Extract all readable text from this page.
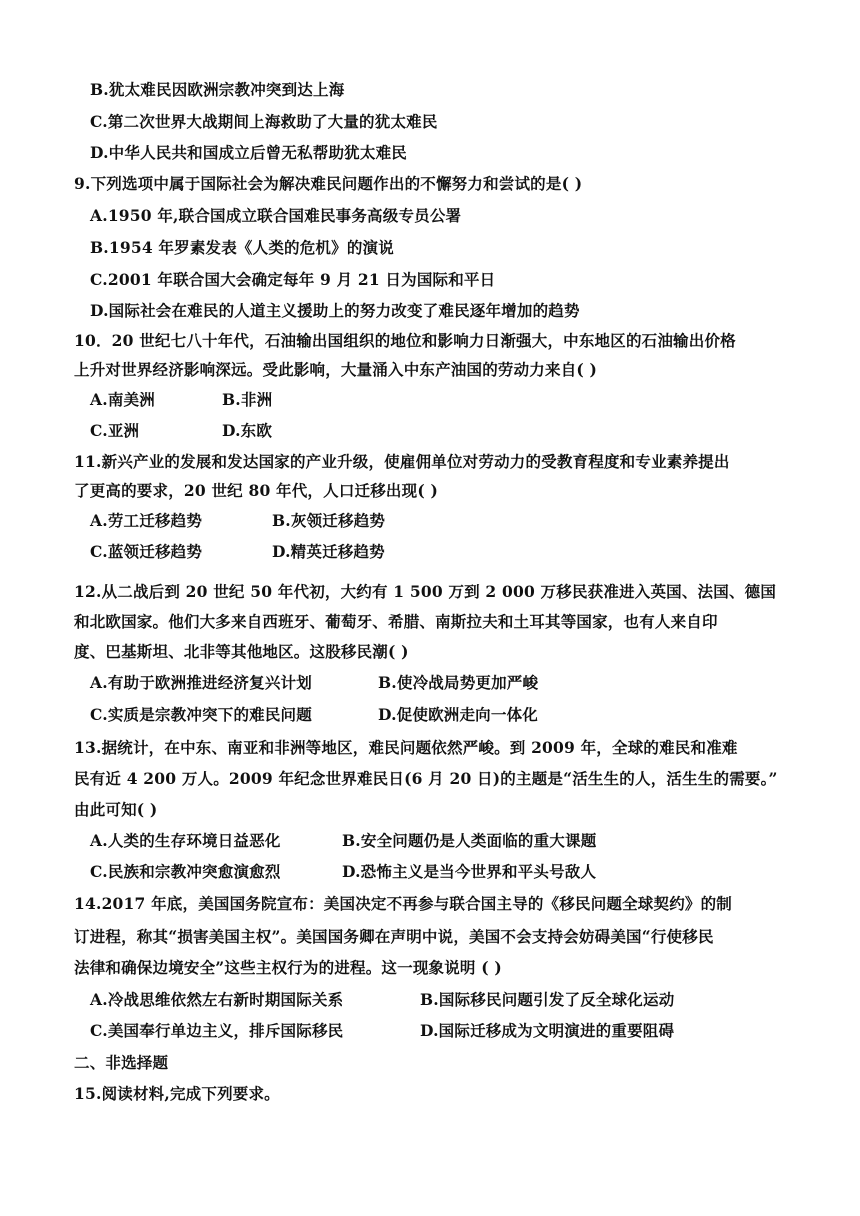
B.犹太难民因欧洲宗教冲突到达上海
C.第二次世界大战期间上海救助了大量的犹太难民
D.中华人民共和国成立后曾无私帮助犹太难民
9.下列选项中属于国际社会为解决难民问题作出的不懈努力和尝试的是( )
A.1950 年,联合国成立联合国难民事务高级专员公署
B.1954 年罗素发表《人类的危机》的演说
C.2001 年联合国大会确定每年 9 月 21 日为国际和平日
D.国际社会在难民的人道主义援助上的努力改变了难民逐年增加的趋势
10．20 世纪七八十年代，石油输出国组织的地位和影响力日渐强大，中东地区的石油输出价格
上升对世界经济影响深远。受此影响，大量涌入中东产油国的劳动力来自( )
A.南美洲	B.非洲
C.亚洲	D.东欧
11.新兴产业的发展和发达国家的产业升级，使雇佣单位对劳动力的受教育程度和专业素养提出
了更高的要求，20 世纪 80 年代，人口迁移出现( )
A.劳工迁移趋势	B.灰领迁移趋势
C.蓝领迁移趋势	D.精英迁移趋势
12.从二战后到 20 世纪 50 年代初，大约有 1 500 万到 2 000 万移民获准进入英国、法国、德国
和北欧国家。他们大多来自西班牙、葡萄牙、希腊、南斯拉夫和土耳其等国家，也有人来自印
度、巴基斯坦、北非等其他地区。这股移民潮( )
A.有助于欧洲推进经济复兴计划	B.使冷战局势更加严峻
C.实质是宗教冲突下的难民问题	D.促使欧洲走向一体化
13.据统计，在中东、南亚和非洲等地区，难民问题依然严峻。到 2009 年，全球的难民和准难
民有近 4 200 万人。2009 年纪念世界难民日(6 月 20 日)的主题是“活生生的人，活生生的需要。”
由此可知( )
A.人类的生存环境日益恶化	B.安全问题仍是人类面临的重大课题
C.民族和宗教冲突愈演愈烈	D.恐怖主义是当今世界和平头号敌人
14.2017 年底，美国国务院宣布：美国决定不再参与联合国主导的《移民问题全球契约》的制
订进程，称其“损害美国主权”。美国国务卿在声明中说，美国不会支持会妨碍美国“行使移民
法律和确保边境安全”这些主权行为的进程。这一现象说明 ( )
A.冷战思维依然左右新时期国际关系	B.国际移民问题引发了反全球化运动
C.美国奉行单边主义，排斥国际移民	D.国际迁移成为文明演进的重要阻碍
二、非选择题
15.阅读材料,完成下列要求。
